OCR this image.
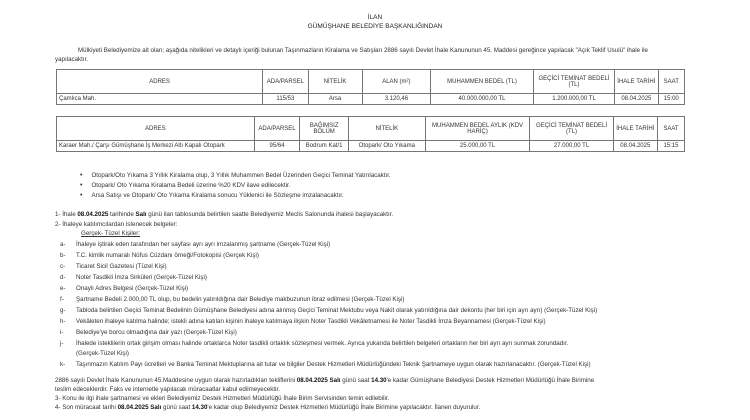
İLAN
GÜMÜŞHANE BELEDİYE BAŞKANLIĞINDAN
Mülkiyeti Belediyemize ait olan; aşağıda nitelikleri ve detaylı içeriği bulunan Taşınmazların Kiralama ve Satışları 2886 sayılı Devlet İhale Kanununun 45. Maddesi gereğince yapılacak "Açık Teklif Usulü" ihale ile yapılacaktır.
ADRES	ADA/PARSEL	NİTELİK	ALAN (m²)	MUHAMMEN BEDEL (TL)	GEÇİCİ TEMİNAT BEDELİ (TL)	İHALE TARİHİ	SAAT
Çamlıca Mah.	115/53	Arsa	3.120,46	40.000.000,00 TL	1.200.000,00 TL	08.04.2025	15:00
ADRES	ADA/PARSEL	BAĞIMSIZ BÖLÜM	NİTELİK	MUHAMMEN BEDEL AYLIK (KDV HARİÇ)	GEÇİCİ TEMİNAT BEDELİ (TL)	İHALE TARİHİ	SAAT
Karaer Mah./ Çarşı Gümüşhane İş Merkezi Altı Kapalı Otopark	95/64	Bodrum Kat/1	Otopark/ Oto Yıkama	25.000,00 TL	27.000,00 TL	08.04.2025	15:15
• Otopark/Oto Yıkama 3 Yıllık Kiralama olup, 3 Yıllık Muhammen Bedel Üzerinden Geçici Teminat Yatırılacaktır.
• Otopark/ Oto Yıkama Kiralama Bedeli üzerine %20 KDV ilave edilecektir.
• Arsa Satışı ve Otopark/ Oto Yıkama Kiralama sonucu Yüklenici ile Sözleşme imzalanacaktır.
1- İhale 08.04.2025 tarihinde Salı günü ilan tablosunda belirtilen saatte Belediyemiz Meclis Salonunda ihalesi başlayacaktır.
2- İhaleye katılımcılardan istenecek belgeler:
Gerçek- Tüzel Kişiler:
a- İhaleye iştirak eden tarafından her sayfası ayrı ayrı imzalanmış şartname (Gerçek-Tüzel Kişi)
b- T.C. kimlik numaralı Nüfus Cüzdanı örneği/Fotokopisi (Gerçek Kişi)
c- Ticaret Sicil Gazetesi (Tüzel Kişi)
d- Noter Tasdikli İmza Sirküleri (Gerçek-Tüzel Kişi)
e- Onaylı Adres Belgesi (Gerçek-Tüzel Kişi)
f- Şartname Bedeli 2.000,00 TL olup, bu bedelin yatırıldığına dair Belediye makbuzunun ibraz edilmesi (Gerçek-Tüzel Kişi)
g- Tabloda belirtilen Geçici Teminat Bedelinin Gümüşhane Belediyesi adına alınmış Geçici Teminat Mektubu veya Nakit olarak yatırıldığına dair dekontu (her biri için ayrı ayrı) (Gerçek-Tüzel Kişi)
h- Vekâleten ihaleye katılma halinde; istekli adına katılan kişinin ihaleye katılmaya ilişkin Noter Tasdikli Vekâletnamesi ile Noter Tasdikli İmza Beyannamesi (Gerçek-Tüzel Kişi)
i- Belediye'ye borcu olmadığına dair yazı (Gerçek-Tüzel Kişi)
j- İhalede isteklilerin ortak girişim olması halinde ortaklarca Noter tasdikli ortaklık sözleşmesi vermek. Ayrıca yukarıda belirtilen belgeleri ortakların her biri ayrı ayrı sunmak zorundadır.
(Gerçek-Tüzel Kişi)
k- Taşınmazın Katılım Payı ücretleri ve Banka Teminat Mektuplarına ait tutar ve bilgiler Destek Hizmetleri Müdürlüğündeki Teknik Şartnameye uygun olarak hazırlanacaktır. (Gerçek-Tüzel Kişi)
2886 sayılı Devlet İhale Kanununun 45.Maddesine uygun olarak hazırladıkları tekliflerini 08.04.2025 Salı günü saat 14.30'e kadar Gümüşhane Belediyesi Destek Hizmetleri Müdürlüğü İhale Birimine
teslim edeceklerdir. Faks ve internetle yapılacak müracaatlar kabul edilmeyecektir.
3- Konu ile ilgi ihale şartnamesi ve ekleri Belediyemiz Destek Hizmetleri Müdürlüğü İhale Birim Servisinden temin edilebilir.
4- Son müracaat tarihi 08.04.2025 Salı günü saat 14.30'e kadar olup Belediyemiz Destek Hizmetleri Müdürlüğü İhale Birimine yapılacaktır. İlanen duyurulur.
